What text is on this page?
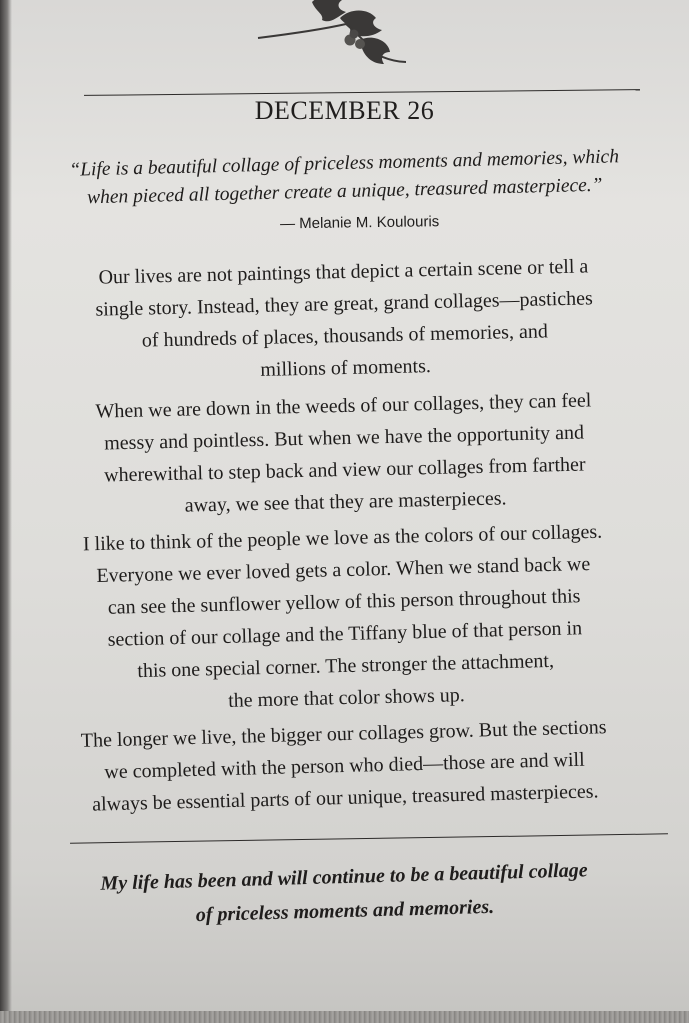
DECEMBER 26
“Life is a beautiful collage of priceless moments and memories, which
when pieced all together create a unique, treasured masterpiece.”
— Melanie M. Koulouris
Our lives are not paintings that depict a certain scene or tell a
single story. Instead, they are great, grand collages—pastiches
of hundreds of places, thousands of memories, and
millions of moments.
When we are down in the weeds of our collages, they can feel
messy and pointless. But when we have the opportunity and
wherewithal to step back and view our collages from farther
away, we see that they are masterpieces.
I like to think of the people we love as the colors of our collages.
Everyone we ever loved gets a color. When we stand back we
can see the sunflower yellow of this person throughout this
section of our collage and the Tiffany blue of that person in
this one special corner. The stronger the attachment,
the more that color shows up.
The longer we live, the bigger our collages grow. But the sections
we completed with the person who died—those are and will
always be essential parts of our unique, treasured masterpieces.
My life has been and will continue to be a beautiful collage
of priceless moments and memories.
